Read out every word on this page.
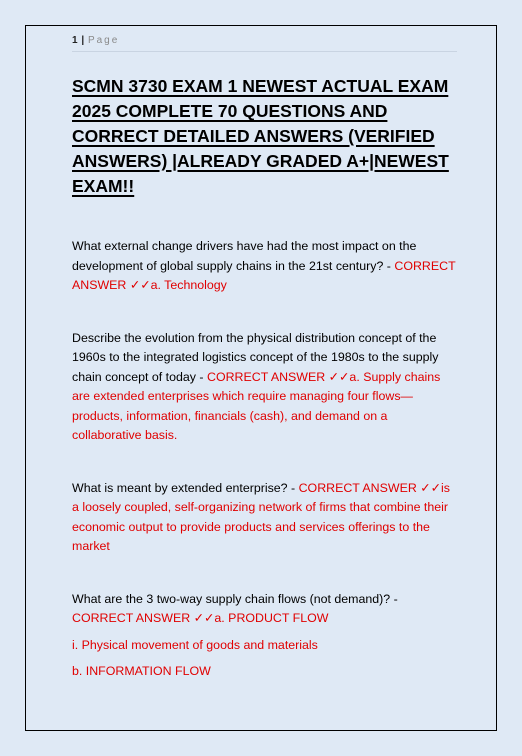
1 | Page
SCMN 3730 EXAM 1 NEWEST ACTUAL EXAM 2025 COMPLETE 70 QUESTIONS AND CORRECT DETAILED ANSWERS (VERIFIED ANSWERS) |ALREADY GRADED A+|NEWEST EXAM!!
What external change drivers have had the most impact on the development of global supply chains in the 21st century? - CORRECT ANSWER ✓✓a. Technology
Describe the evolution from the physical distribution concept of the 1960s to the integrated logistics concept of the 1980s to the supply chain concept of today - CORRECT ANSWER ✓✓a. Supply chains are extended enterprises which require managing four flows—products, information, financials (cash), and demand on a collaborative basis.
What is meant by extended enterprise? - CORRECT ANSWER ✓✓is a loosely coupled, self-organizing network of firms that combine their economic output to provide products and services offerings to the market
What are the 3 two-way supply chain flows (not demand)? - CORRECT ANSWER ✓✓a. PRODUCT FLOW
i. Physical movement of goods and materials
b. INFORMATION FLOW
